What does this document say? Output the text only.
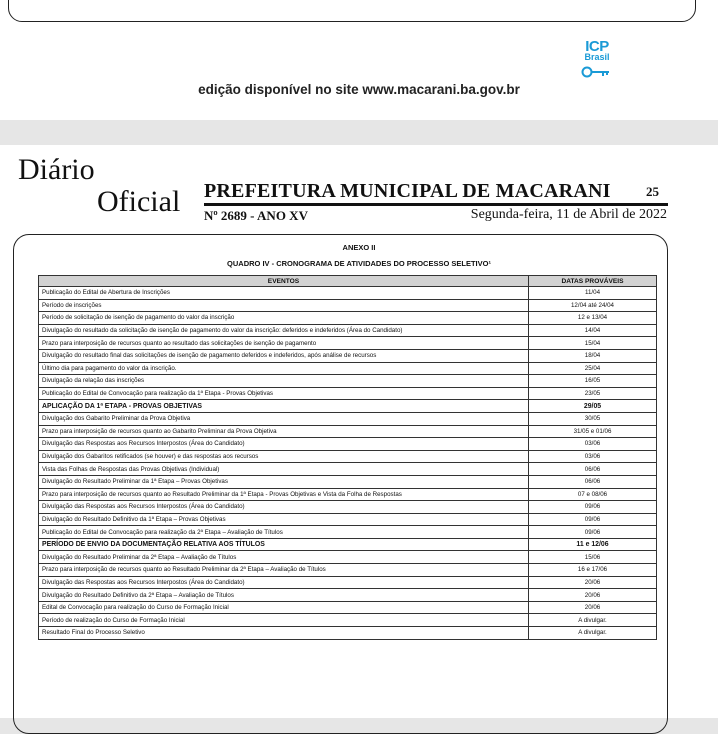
ICP
Brasil
edição disponível no site www.macarani.ba.gov.br
Diário
Oficial PREFEITURA MUNICIPAL DE MACARANI	25
Nº 2689 - ANO XV	Segunda-feira, 11 de Abril de 2022
ANEXO II
QUADRO IV - CRONOGRAMA DE ATIVIDADES DO PROCESSO SELETIVO¹
EVENTOS	DATAS PROVÁVEIS
Publicação do Edital de Abertura de Inscrições	11/04
Período de inscrições	12/04 até 24/04
Período de solicitação de isenção de pagamento do valor da inscrição	12 e 13/04
Divulgação do resultado da solicitação de isenção de pagamento do valor da inscrição: deferidos e indeferidos (Área do Candidato)	14/04
Prazo para interposição de recursos quanto ao resultado das solicitações de isenção de pagamento	15/04
Divulgação do resultado final das solicitações de isenção de pagamento deferidos e indeferidos, após análise de recursos	18/04
Último dia para pagamento do valor da inscrição.	25/04
Divulgação da relação das inscrições	16/05
Publicação do Edital de Convocação para realização da 1ª Etapa - Provas Objetivas	23/05
APLICAÇÃO DA 1ª ETAPA - PROVAS OBJETIVAS	29/05
Divulgação dos Gabarito Preliminar da Prova Objetiva	30/05
Prazo para interposição de recursos quanto ao Gabarito Preliminar da Prova Objetiva	31/05 e 01/06
Divulgação das Respostas aos Recursos Interpostos (Área do Candidato)	03/06
Divulgação dos Gabaritos retificados (se houver) e das respostas aos recursos	03/06
Vista das Folhas de Respostas das Provas Objetivas (Individual)	06/06
Divulgação do Resultado Preliminar da 1ª Etapa – Provas Objetivas	06/06
Prazo para interposição de recursos quanto ao Resultado Preliminar da 1ª Etapa - Provas Objetivas e Vista da Folha de Respostas	07 e 08/06
Divulgação das Respostas aos Recursos Interpostos (Área do Candidato)	09/06
Divulgação do Resultado Definitivo da 1ª Etapa – Provas Objetivas	09/06
Publicação do Edital de Convocação para realização da 2ª Etapa – Avaliação de Títulos	09/06
PERÍODO DE ENVIO DA DOCUMENTAÇÃO RELATIVA AOS TÍTULOS	11 e 12/06
Divulgação do Resultado Preliminar da 2ª Etapa – Avaliação de Títulos	15/06
Prazo para interposição de recursos quanto ao Resultado Preliminar da 2ª Etapa – Avaliação de Títulos	16 e 17/06
Divulgação das Respostas aos Recursos Interpostos (Área do Candidato)	20/06
Divulgação do Resultado Definitivo da 2ª Etapa – Avaliação de Títulos	20/06
Edital de Convocação para realização do Curso de Formação Inicial	20/06
Período de realização do Curso de Formação Inicial	A divulgar.
Resultado Final do Processo Seletivo	A divulgar.
